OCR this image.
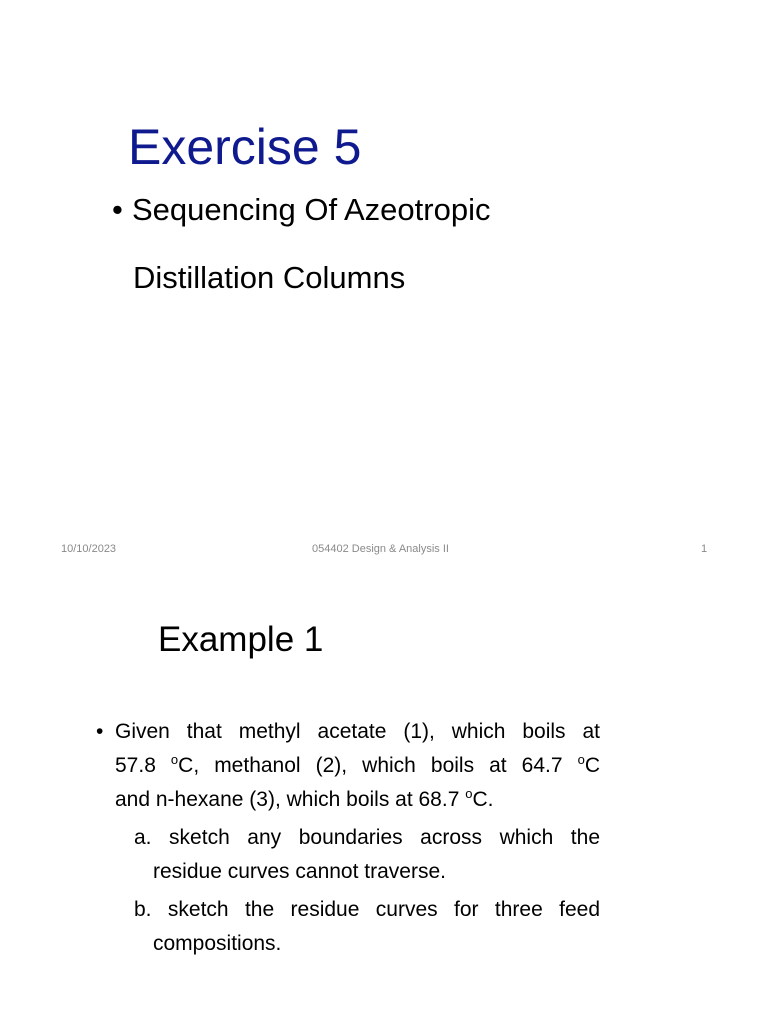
Exercise 5
• Sequencing Of Azeotropic
Distillation Columns
10/10/2023	054402 Design & Analysis II	1
Example 1
• Given that methyl acetate (1), which boils at
57.8 $^o$C, methanol (2), which boils at 64.7 $^o$C
and n-hexane (3), which boils at 68.7 $^o$C.
a. sketch any boundaries across which the
residue curves cannot traverse.
b. sketch the residue curves for three feed
compositions.
